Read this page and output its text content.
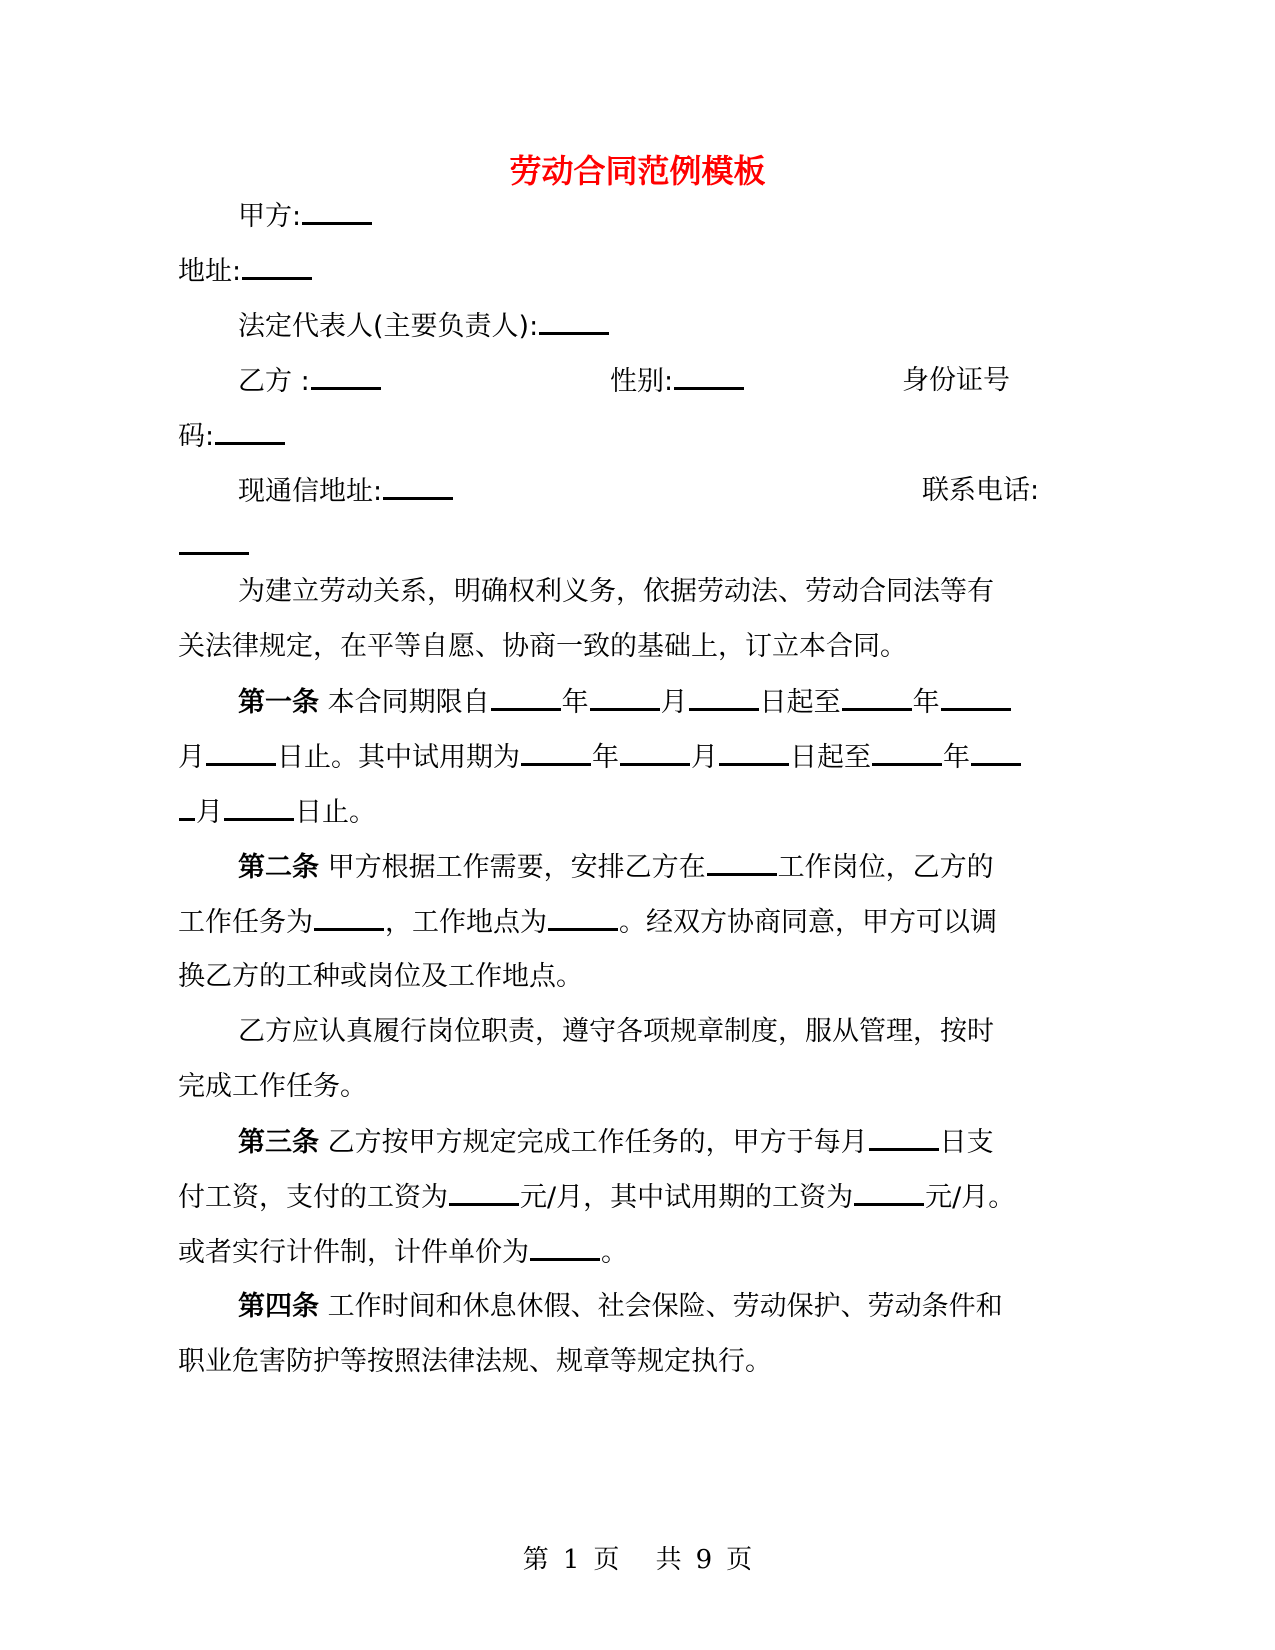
劳动合同范例模板
甲方:
地址:
法定代表人(主要负责人):
乙方 :	性别:	身份证号
码:
现通信地址:	联系电话:
为建立劳动关系，明确权利义务，依据劳动法、劳动合同法等有
关法律规定，在平等自愿、协商一致的基础上，订立本合同。
第一条 本合同期限自	年	月	日起至	年
月	日止。其中试用期为	年	月	日起至	年
月	日止。
第二条 甲方根据工作需要，安排乙方在	工作岗位，乙方的
工作任务为	，工作地点为	。经双方协商同意，甲方可以调
换乙方的工种或岗位及工作地点。
乙方应认真履行岗位职责，遵守各项规章制度，服从管理，按时
完成工作任务。
第三条 乙方按甲方规定完成工作任务的，甲方于每月	日支
付工资，支付的工资为	元/月，其中试用期的工资为	元/月。
或者实行计件制，计件单价为	。
第四条 工作时间和休息休假、社会保险、劳动保护、劳动条件和
职业危害防护等按照法律法规、规章等规定执行。
第1页 共9页
